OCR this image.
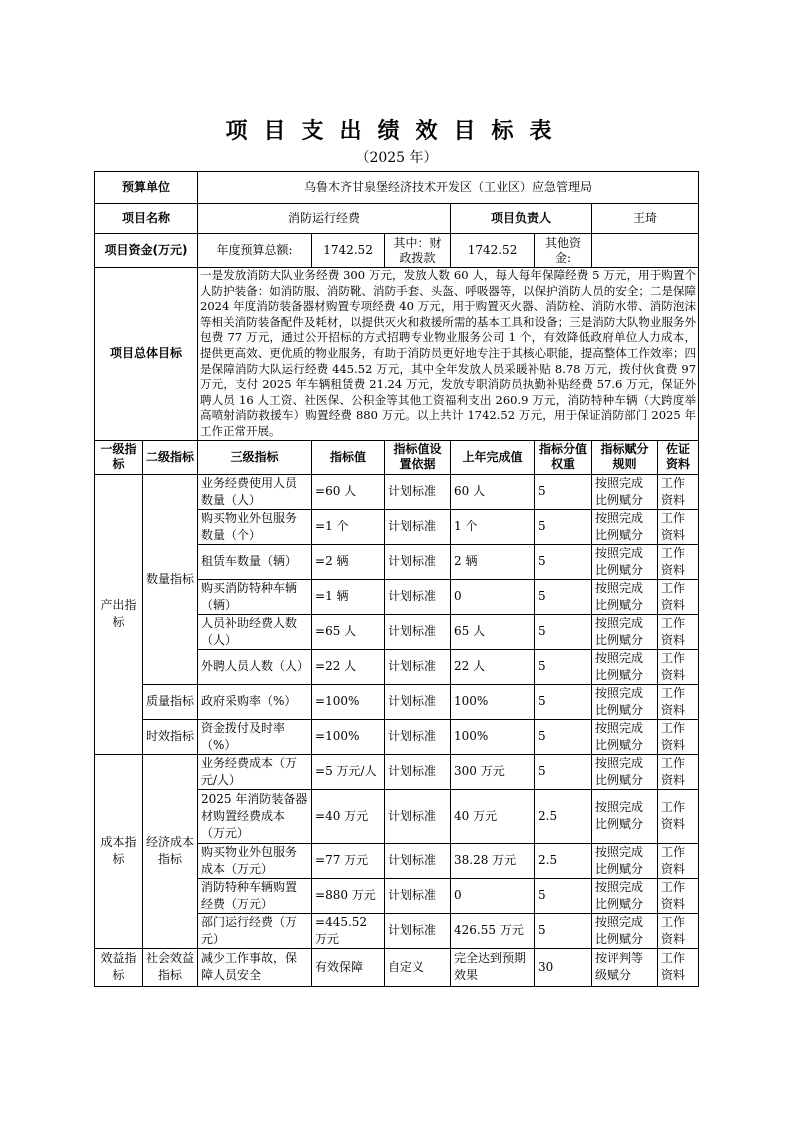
项目支出绩效目标表
（2025 年）
预算单位		乌鲁木齐甘泉堡经济技术开发区（工业区）应急管理局						
项目名称		消防运行经费			项目负责人		王琦	
项目资金(万元)		年度预算总额:	1742.52	其中：财政拨款	1742.52	其他资金:		
项目总体目标		一是发放消防大队业务经费 300 万元，发放人数 60 人，每人每年保障经费 5 万元，用于购置个人防护装备：如消防服、消防靴、消防手套、头盔、呼吸器等，以保护消防人员的安全；二是保障 2024 年度消防装备器材购置专项经费 40 万元，用于购置灭火器、消防栓、消防水带、消防泡沫等相关消防装备配件及耗材，以提供灭火和救援所需的基本工具和设备；三是消防大队物业服务外包费 77 万元，通过公开招标的方式招聘专业物业服务公司 1 个，有效降低政府单位人力成本，提供更高效、更优质的物业服务，有助于消防员更好地专注于其核心职能，提高整体工作效率；四是保障消防大队运行经费 445.52 万元，其中全年发放人员采暖补贴 8.78 万元，拨付伙食费 97 万元，支付 2025 年车辆租赁费 21.24 万元，发放专职消防员执勤补贴经费 57.6 万元，保证外聘人员 16 人工资、社医保、公积金等其他工资福利支出 260.9 万元，消防特种车辆（大跨度举高喷射消防救援车）购置经费 880 万元。以上共计 1742.52 万元，用于保证消防部门 2025 年工作正常开展。						
一级指标	二级指标	三级指标	指标值	指标值设置依据	上年完成值	指标分值权重	指标赋分规则	佐证资料
产出指标	数量指标	业务经费使用人员数量（人）	=60 人	计划标准	60 人	5	按照完成比例赋分	工作资料
		购买物业外包服务数量（个）	=1 个	计划标准	1 个	5	按照完成比例赋分	工作资料
		租赁车数量（辆）	=2 辆	计划标准	2 辆	5	按照完成比例赋分	工作资料
		购买消防特种车辆（辆）	=1 辆	计划标准	0	5	按照完成比例赋分	工作资料
		人员补助经费人数（人）	=65 人	计划标准	65 人	5	按照完成比例赋分	工作资料
		外聘人员人数（人）	=22 人	计划标准	22 人	5	按照完成比例赋分	工作资料
	质量指标	政府采购率（%）	=100%	计划标准	100%	5	按照完成比例赋分	工作资料
	时效指标	资金拨付及时率（%）	=100%	计划标准	100%	5	按照完成比例赋分	工作资料
成本指标	经济成本指标	业务经费成本（万元/人）	=5 万元/人	计划标准	300 万元	5	按照完成比例赋分	工作资料
		2025 年消防装备器材购置经费成本（万元）	=40 万元	计划标准	40 万元	2.5	按照完成比例赋分	工作资料
		购买物业外包服务成本（万元）	=77 万元	计划标准	38.28 万元	2.5	按照完成比例赋分	工作资料
		消防特种车辆购置经费（万元）	=880 万元	计划标准	0	5	按照完成比例赋分	工作资料
		部门运行经费（万元）	=445.52 万元	计划标准	426.55 万元	5	按照完成比例赋分	工作资料
效益指标	社会效益指标	减少工作事故，保障人员安全	有效保障	自定义	完全达到预期效果	30	按评判等级赋分	工作资料
